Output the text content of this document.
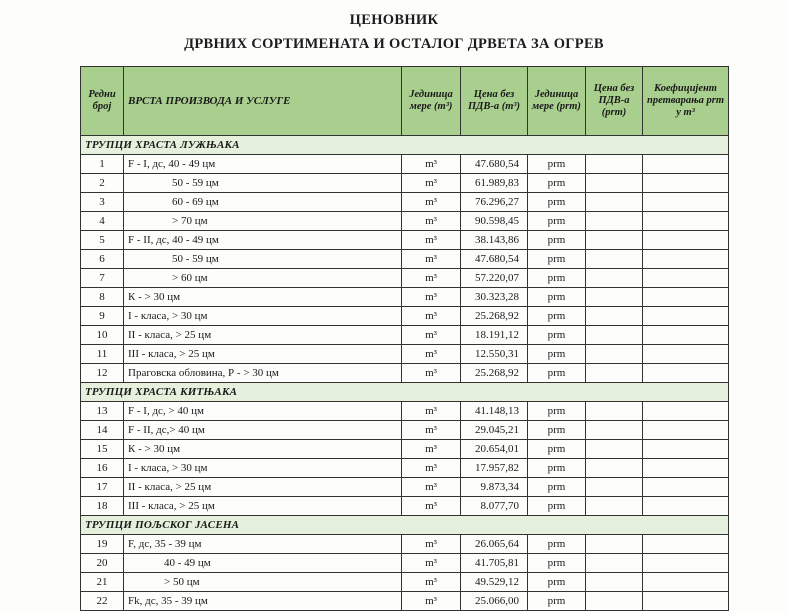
ЦЕНОВНИК
ДРВНИХ СОРТИМЕНАТА И ОСТАЛОГ ДРВЕТА ЗА ОГРЕВ
Редни број	ВРСТА ПРОИЗВОДА И УСЛУГЕ	Јединица мере (m³)	Цена без ПДВ-а (m³)	Јединица мере (prm)	Цена без ПДВ-а (prm)	Коефицијент претварања prm у m³
ТРУПЦИ ХРАСТА ЛУЖЊАКА						
1	F - I, дс, 40 - 49 цм	m³	47.680,54	prm		
2	50 - 59 цм	m³	61.989,83	prm		
3	60 - 69 цм	m³	76.296,27	prm		
4	> 70 цм	m³	90.598,45	prm		
5	F - II, дс, 40 - 49 цм	m³	38.143,86	prm		
6	50 - 59 цм	m³	47.680,54	prm		
7	> 60 цм	m³	57.220,07	prm		
8	К - > 30 цм	m³	30.323,28	prm		
9	I - класа, > 30 цм	m³	25.268,92	prm		
10	II - класа, > 25 цм	m³	18.191,12	prm		
11	III - класа, > 25 цм	m³	12.550,31	prm		
12	Праговска обловина, Р - > 30 цм	m³	25.268,92	prm		
ТРУПЦИ ХРАСТА КИТЊАКА						
13	F - I, дс, > 40 цм	m³	41.148,13	prm		
14	F - II, дс,> 40 цм	m³	29.045,21	prm		
15	К - > 30 цм	m³	20.654,01	prm		
16	I - класа, > 30 цм	m³	17.957,82	prm		
17	II - класа, > 25 цм	m³	9.873,34	prm		
18	III - класа, > 25 цм	m³	8.077,70	prm		
ТРУПЦИ ПОЉСКОГ ЈАСЕНА						
19	F, дс, 35 - 39 цм	m³	26.065,64	prm		
20	40 - 49 цм	m³	41.705,81	prm		
21	> 50 цм	m³	49.529,12	prm		
22	Fk, дс, 35 - 39 цм	m³	25.066,00	prm		
